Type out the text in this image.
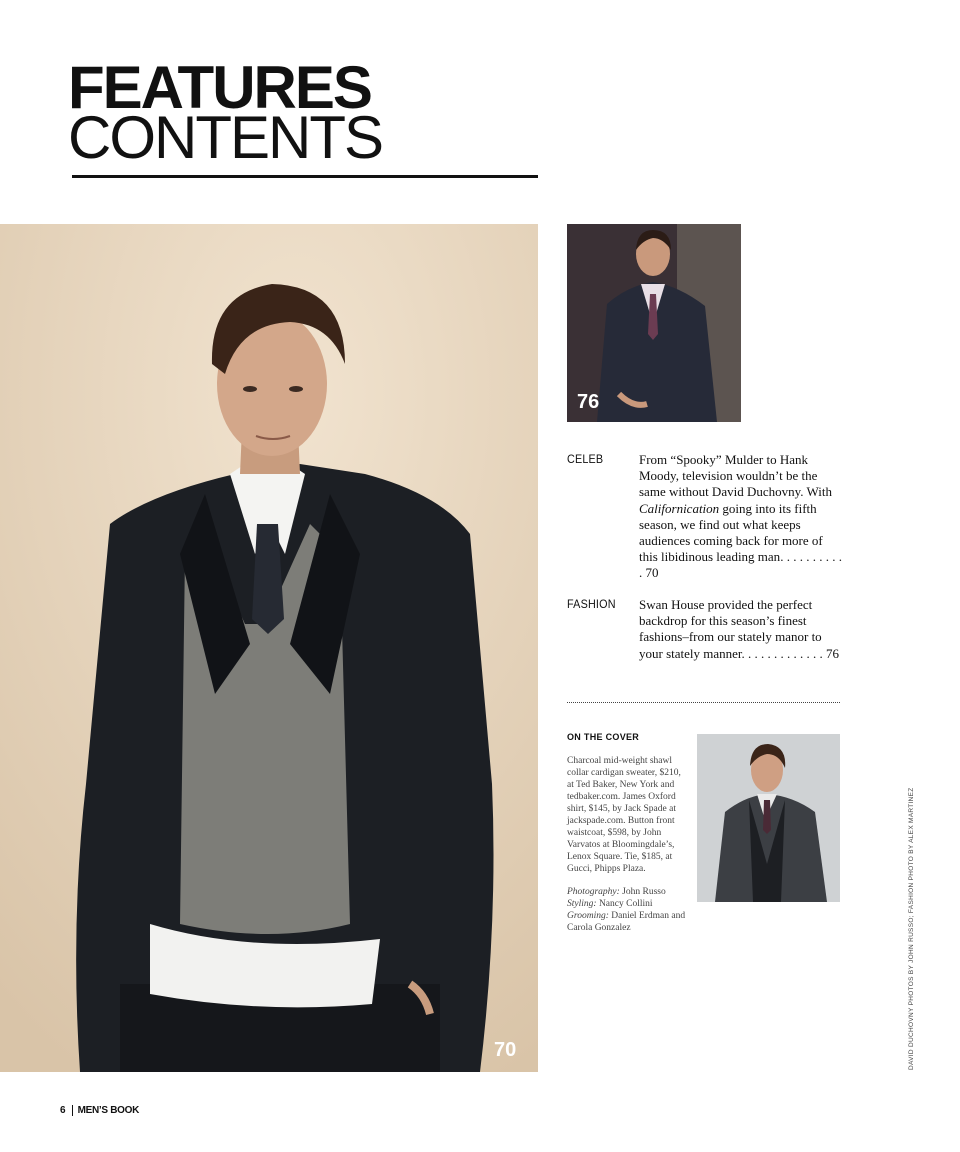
FEATURES
CONTENTS
70
76
CELEB	From “Spooky” Mulder to Hank Moody, television wouldn’t be the same without David Duchovny. With Californication going into its fifth season, we find out what keeps audiences coming back for more of this libidinous leading man. . . . . . . . . . . 70
FASHION Swan House provided the perfect backdrop for this season’s finest fashions–from our stately manor to your stately manner. . . . . . . . . . . . . 76
ON THE COVER
Charcoal mid-weight shawl collar cardigan sweater, $210, at Ted Baker, New York and tedbaker.com. James Oxford shirt, $145, by Jack Spade at jackspade.com. Button front waistcoat, $598, by John Varvatos at Bloomingdale’s, Lenox Square. Tie, $185, at Gucci, Phipps Plaza.
Photography: John Russo
Styling: Nancy Collini
Grooming: Daniel Erdman and Carola Gonzalez	DAVID DUCHOVNY PHOTOS BY JOHN RUSSO; FASHION PHOTO BY ALEX MARTINEZ
6 MEN’S BOOK
